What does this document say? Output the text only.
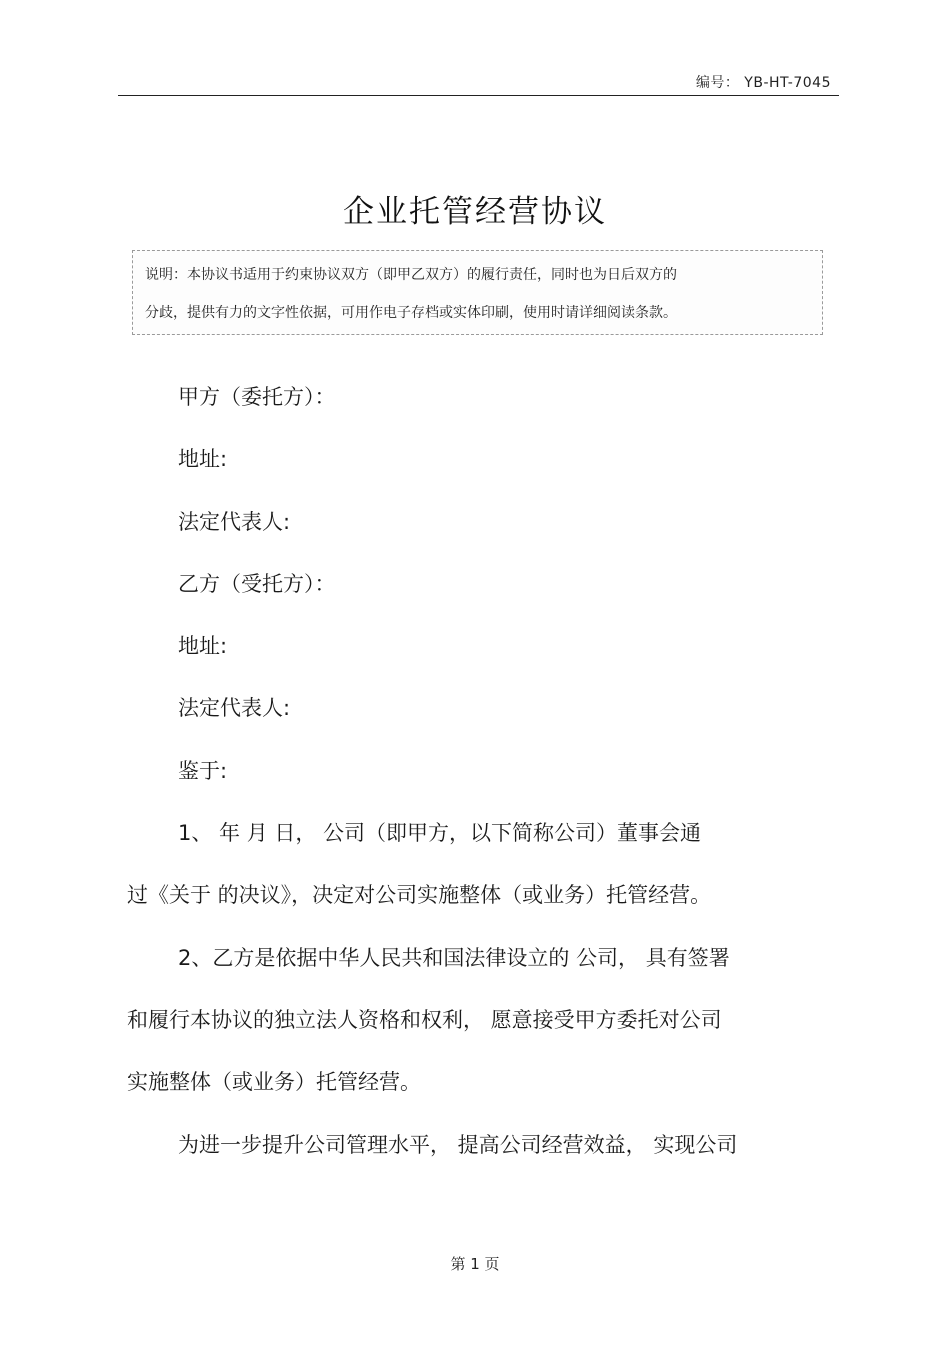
编号： YB-HT-7045
企业托管经营协议
说明：本协议书适用于约束协议双方（即甲乙双方）的履行责任，同时也为日后双方的
分歧，提供有力的文字性依据，可用作电子存档或实体印刷，使用时请详细阅读条款。
甲方（委托方）：
地址:
法定代表人:
乙方（受托方）：
地址:
法定代表人:
鉴于:
1、 年 月 日， 公司（即甲方，以下简称公司）董事会通
过《关于 的决议》，决定对公司实施整体（或业务）托管经营。
2、乙方是依据中华人民共和国法律设立的 公司， 具有签署
和履行本协议的独立法人资格和权利， 愿意接受甲方委托对公司
实施整体（或业务）托管经营。
为进一步提升公司管理水平， 提高公司经营效益， 实现公司
第 1 页
